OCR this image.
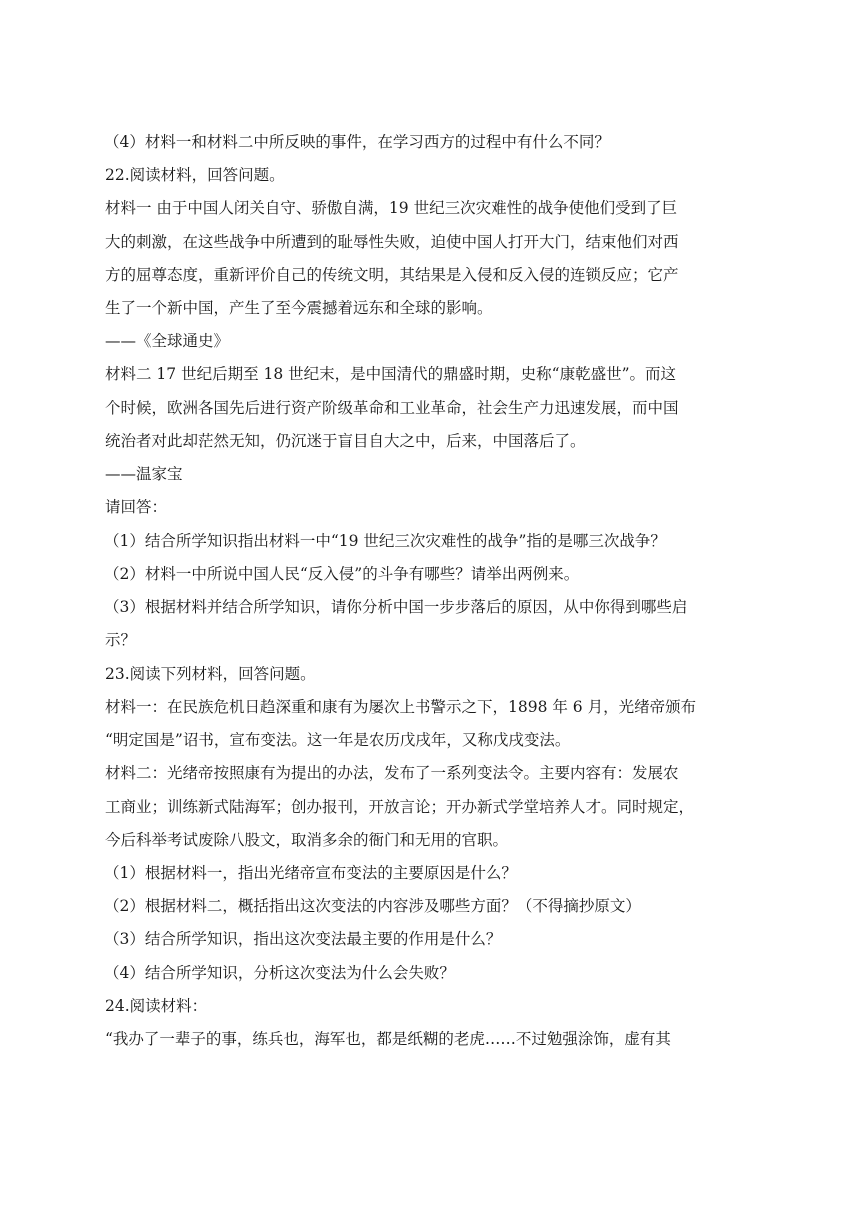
（4）材料一和材料二中所反映的事件，在学习西方的过程中有什么不同？
22.阅读材料，回答问题。
材料一 由于中国人闭关自守、骄傲自满，19 世纪三次灾难性的战争使他们受到了巨
大的刺激，在这些战争中所遭到的耻辱性失败，迫使中国人打开大门，结束他们对西
方的屈尊态度，重新评价自己的传统文明，其结果是入侵和反入侵的连锁反应；它产
生了一个新中国，产生了至今震撼着远东和全球的影响。
——《全球通史》
材料二 17 世纪后期至 18 世纪末，是中国清代的鼎盛时期，史称“康乾盛世”。而这
个时候，欧洲各国先后进行资产阶级革命和工业革命，社会生产力迅速发展，而中国
统治者对此却茫然无知，仍沉迷于盲目自大之中，后来，中国落后了。
——温家宝
请回答：
（1）结合所学知识指出材料一中“19 世纪三次灾难性的战争”指的是哪三次战争？
（2）材料一中所说中国人民“反入侵”的斗争有哪些？请举出两例来。
（3）根据材料并结合所学知识，请你分析中国一步步落后的原因，从中你得到哪些启
示？
23.阅读下列材料，回答问题。
材料一：在民族危机日趋深重和康有为屡次上书警示之下，1898 年 6 月，光绪帝颁布
“明定国是”诏书，宣布变法。这一年是农历戊戌年，又称戊戌变法。
材料二：光绪帝按照康有为提出的办法，发布了一系列变法令。主要内容有：发展农
工商业；训练新式陆海军；创办报刊，开放言论；开办新式学堂培养人才。同时规定，
今后科举考试废除八股文，取消多余的衙门和无用的官职。
（1）根据材料一，指出光绪帝宣布变法的主要原因是什么？
（2）根据材料二，概括指出这次变法的内容涉及哪些方面？（不得摘抄原文）
（3）结合所学知识，指出这次变法最主要的作用是什么？
（4）结合所学知识，分析这次变法为什么会失败？
24.阅读材料：
“我办了一辈子的事，练兵也，海军也，都是纸糊的老虎……不过勉强涂饰，虚有其
